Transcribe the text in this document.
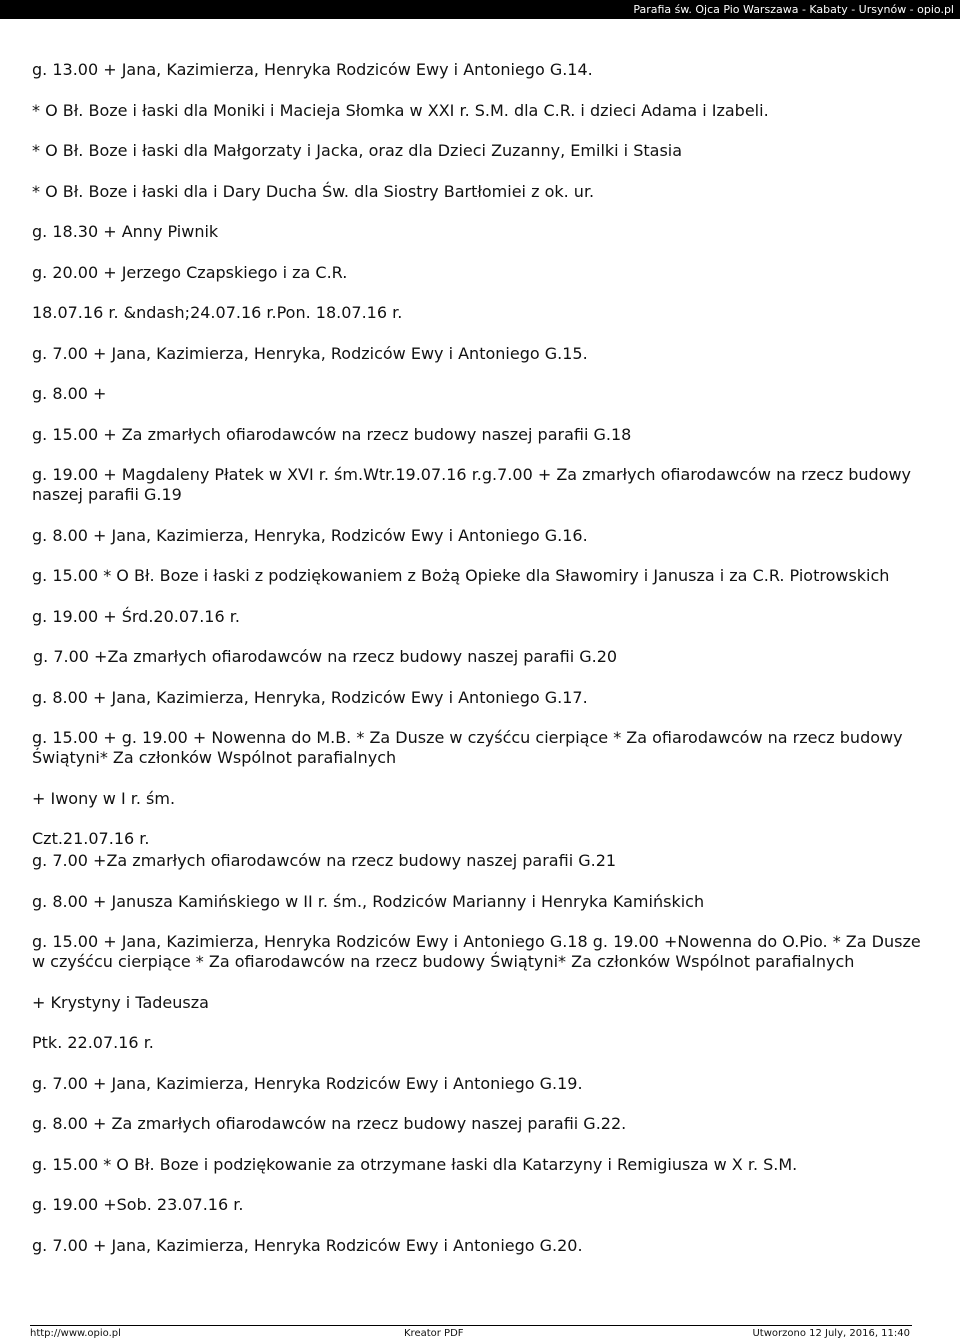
Parafia św. Ojca Pio Warszawa - Kabaty - Ursynów - opio.pl

g. 13.00 + Jana, Kazimierza, Henryka Rodziców Ewy i Antoniego G.14.

* O Bł. Boze i łaski dla Moniki i Macieja Słomka w XXI r. S.M. dla C.R. i dzieci Adama i Izabeli.

* O Bł. Boze i łaski dla Małgorzaty i Jacka, oraz dla Dzieci Zuzanny, Emilki i Stasia

* O Bł. Boze i łaski dla i Dary Ducha Św. dla Siostry Bartłomiei z ok. ur.

g. 18.30 + Anny Piwnik

g. 20.00 + Jerzego Czapskiego i za C.R.

18.07.16 r. &ndash;24.07.16 r.Pon. 18.07.16 r.

g. 7.00 + Jana, Kazimierza, Henryka, Rodziców Ewy i Antoniego G.15.

g. 8.00 +

g. 15.00 + Za zmarłych ofiarodawców na rzecz budowy naszej parafii G.18

g. 19.00 + Magdaleny Płatek w XVI r. śm.Wtr.19.07.16 r.g.7.00 + Za zmarłych ofiarodawców na rzecz budowy naszej parafii G.19

g. 8.00 + Jana, Kazimierza, Henryka, Rodziców Ewy i Antoniego G.16.

g. 15.00 * O Bł. Boze i łaski z podziękowaniem z Bożą Opieke dla Sławomiry i Janusza i za C.R. Piotrowskich

g. 19.00 + Śrd.20.07.16 r.

g. 7.00 +Za zmarłych ofiarodawców na rzecz budowy naszej parafii G.20

g. 8.00 + Jana, Kazimierza, Henryka, Rodziców Ewy i Antoniego G.17.

g. 15.00 + g. 19.00 + Nowenna do M.B. * Za Dusze w czyśćcu cierpiące * Za ofiarodawców na rzecz budowy Świątyni* Za członków Wspólnot parafialnych

+ Iwony w I r. śm.

Czt.21.07.16 r.

g. 7.00 +Za zmarłych ofiarodawców na rzecz budowy naszej parafii G.21

g. 8.00 + Janusza Kamińskiego w II r. śm., Rodziców Marianny i Henryka Kamińskich

g. 15.00 + Jana, Kazimierza, Henryka Rodziców Ewy i Antoniego G.18 g. 19.00 +Nowenna do O.Pio. * Za Dusze w czyśćcu cierpiące * Za ofiarodawców na rzecz budowy Świątyni* Za członków Wspólnot parafialnych

+ Krystyny i Tadeusza

Ptk. 22.07.16 r.

g. 7.00 + Jana, Kazimierza, Henryka Rodziców Ewy i Antoniego G.19.

g. 8.00 + Za zmarłych ofiarodawców na rzecz budowy naszej parafii G.22.

g. 15.00 * O Bł. Boze i podziękowanie za otrzymane łaski dla Katarzyny i Remigiusza w X r. S.M.

g. 19.00 +Sob. 23.07.16 r.

g. 7.00 + Jana, Kazimierza, Henryka Rodziców Ewy i Antoniego G.20.

http://www.opio.pl	Kreator PDF	Utworzono 12 July, 2016, 11:40
